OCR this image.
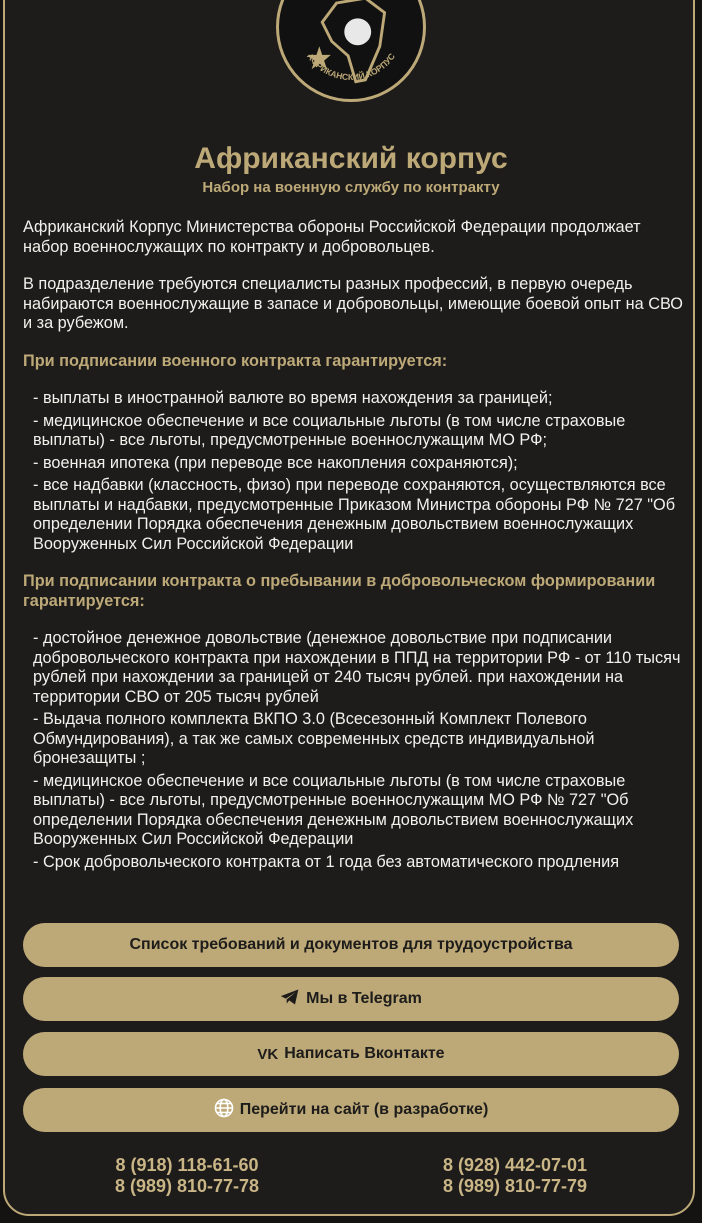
АФРИКАНСКИЙ КОРПУС
Африканский корпус
Набор на военную службу по контракту

Африканский Корпус Министерства обороны Российской Федерации продолжает набор военнослужащих по контракту и добровольцев.

В подразделение требуются специалисты разных профессий, в первую очередь набираются военнослужащие в запасе и добровольцы, имеющие боевой опыт на СВО и за рубежом.

При подписании военного контракта гарантируется:

- выплаты в иностранной валюте во время нахождения за границей;
- медицинское обеспечение и все социальные льготы (в том числе страховые выплаты) - все льготы, предусмотренные военнослужащим МО РФ;
- военная ипотека (при переводе все накопления сохраняются);
- все надбавки (классность, физо) при переводе сохраняются, осуществляются все выплаты и надбавки, предусмотренные Приказом Министра обороны РФ № 727 "Об определении Порядка обеспечения денежным довольствием военнослужащих Вооруженных Сил Российской Федерации

При подписании контракта о пребывании в добровольческом формировании гарантируется:

- достойное денежное довольствие (денежное довольствие при подписании добровольческого контракта при нахождении в ППД на территории РФ - от 110 тысяч рублей при нахождении за границей от 240 тысяч рублей. при нахождении на территории СВО от 205 тысяч рублей
- Выдача полного комплекта ВКПО 3.0 (Всесезонный Комплект Полевого Обмундирования), а так же самых современных средств индивидуальной бронезащиты ;
- медицинское обеспечение и все социальные льготы (в том числе страховые выплаты) - все льготы, предусмотренные военнослужащим МО РФ № 727 "Об определении Порядка обеспечения денежным довольствием военнослужащих Вооруженных Сил Российской Федерации
- Срок добровольческого контракта от 1 года без автоматического продления
Список требований и документов для трудоустройства
Мы в Telegram
VK Написать Вконтакте
Перейти на сайт (в разработке)
8 (918) 118-61-60
8 (989) 810-77-78
8 (928) 442-07-01
8 (989) 810-77-79
